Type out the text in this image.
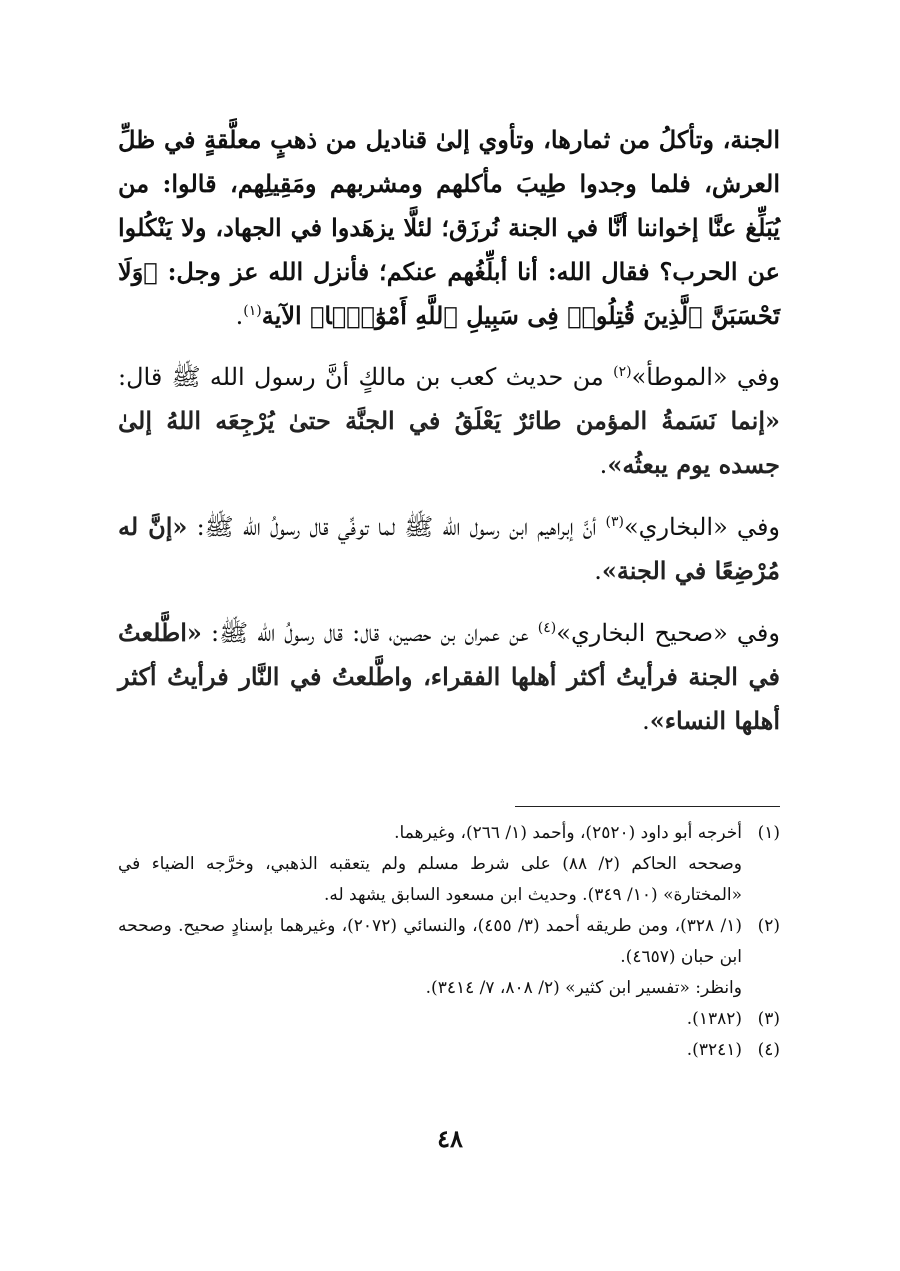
الجنة، وتأكلُ من ثمارها، وتأوي إلىٰ قناديل من ذهبٍ معلَّقةٍ في ظلِّ العرش، فلما وجدوا طِيبَ مأكلهم ومشربهم ومَقِيلِهم، قالوا: من يُبَلِّغ عنَّا إخواننا أنَّا في الجنة نُرزَق؛ لئلَّا يزهَدوا في الجهاد، ولا يَنْكُلوا عن الحرب؟ فقال الله: أنا أبلِّغُهم عنكم؛ فأنزل الله عز وجل: ﴿وَلَا تَحْسَبَنَّ ٱلَّذِينَ قُتِلُوا۟ فِى سَبِيلِ ٱللَّهِ أَمْوَٰتًۢا﴾ الآية$^{(١)}$.

وفي «الموطأ»$^{(٢)}$ من حديث كعب بن مالكٍ أنَّ رسول الله ﷺ قال: «إنما نَسَمةُ المؤمن طائرٌ يَعْلَقُ في الجنَّة حتىٰ يُرْجِعَه اللهُ إلىٰ جسده يوم يبعثُه».

وفي «البخاري»$^{(٣)}$ أنَّ إبراهيم ابن رسول الله ﷺ لما توفِّي قال رسولُ الله ﷺ: «إنَّ له مُرْضِعًا في الجنة».

وفي «صحيح البخاري»$^{(٤)}$ عن عمران بن حصين، قال: قال رسولُ الله ﷺ: «اطَّلعتُ في الجنة فرأيتُ أكثر أهلها الفقراء، واطَّلعتُ في النَّار فرأيتُ أكثر أهلها النساء».

(١)
أخرجه أبو داود (٢٥٢٠)، وأحمد (١/ ٢٦٦)، وغيرهما.
وصححه الحاكم (٢/ ٨٨) على شرط مسلم ولم يتعقبه الذهبي، وخرَّجه الضياء في «المختارة» (١٠/ ٣٤٩). وحديث ابن مسعود السابق يشهد له.
(٢)
(١/ ٣٢٨)، ومن طريقه أحمد (٣/ ٤٥٥)، والنسائي (٢٠٧٢)، وغيرهما بإسنادٍ صحيح. وصححه ابن حبان (٤٦٥٧).
وانظر: «تفسير ابن كثير» (٢/ ٨٠٨، ٧/ ٣٤١٤).
(٣)
(١٣٨٢).
(٤)
(٣٢٤١).
٤٨
